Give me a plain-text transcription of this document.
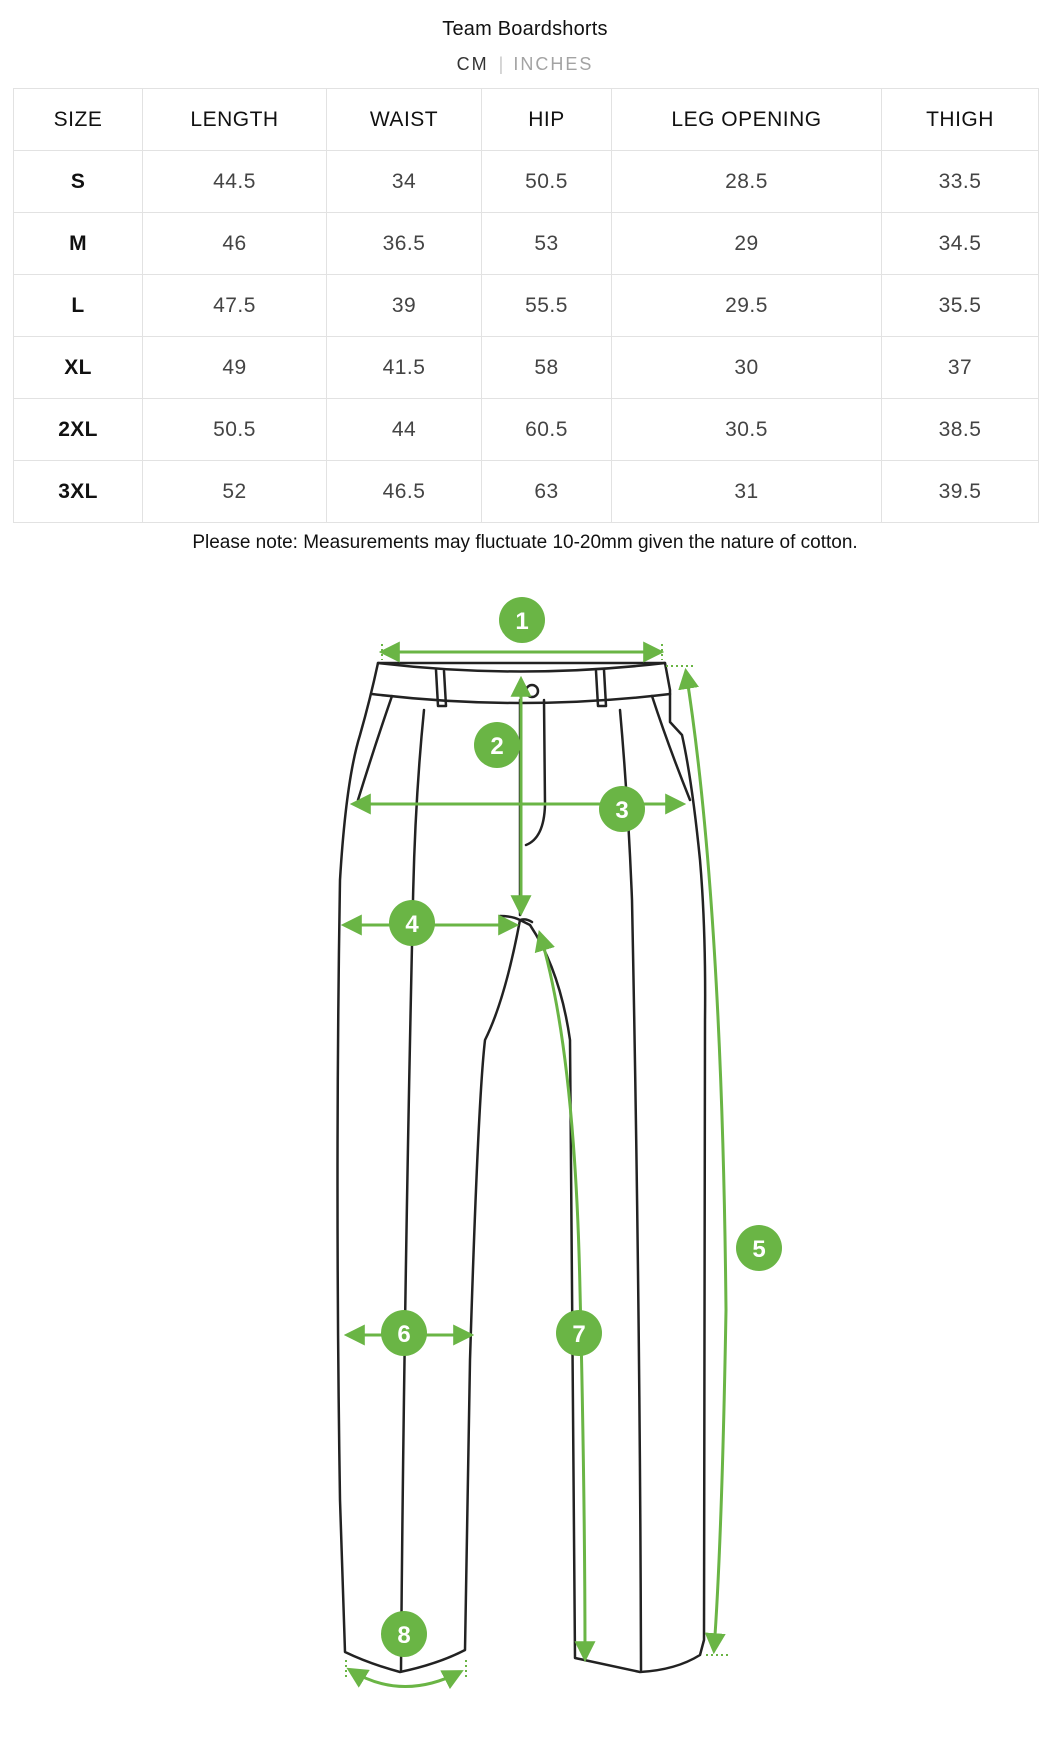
Team Boardshorts
CM | INCHES
SIZE	LENGTH	WAIST	HIP	LEG OPENING	THIGH
S	44.5	34	50.5	28.5	33.5
M	46	36.5	53	29	34.5
L	47.5	39	55.5	29.5	35.5
XL	49	41.5	58	30	37
2XL	50.5	44	60.5	30.5	38.5
3XL	52	46.5	63	31	39.5
Please note: Measurements may fluctuate 10-20mm given the nature of cotton.
1
2
3
4
5
6	7
8
